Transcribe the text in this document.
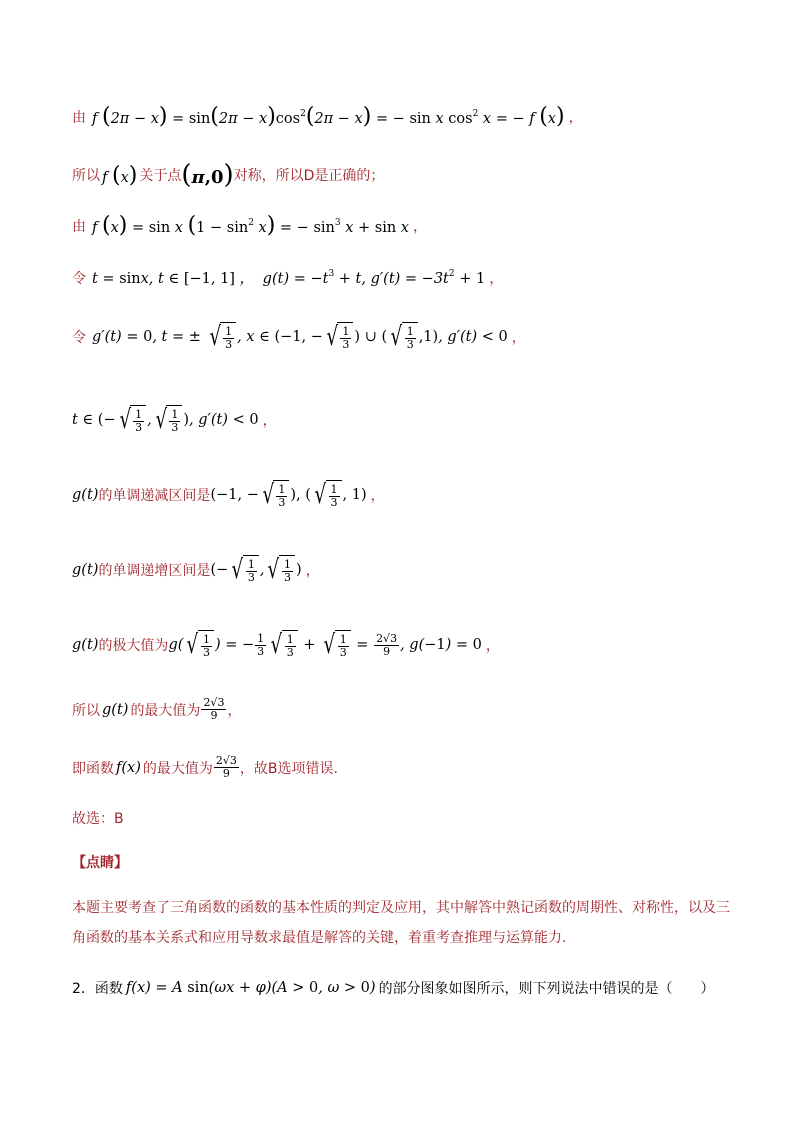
由 f $(2\pi - x) = \sin(2\pi - x)\cos^2(2\pi - x)$ = − sin x $\cos^2 x$ = − f (x) ，
所以 f (x) 关于点 (π,0) 对称，所以D是正确的；
由 f (x) = sin x $(1 - \sin^2 x)$ = − $\sin^3 x + \sin x$ ，
令 t = sinx, t ∈ [−1, 1] ， $g(t) = -t^3 + t$, $g'(t) = -3t^2 + 1$ ，
令 g′(t) = 0, t = ± √ $\frac{1}{3}$ , x ∈ (−1, − √ $\frac{1}{3}$ ) ∪ ( √ $\frac{1}{3} ,1$), g′(t) < 0 ，
t ∈ (− √ $\frac{1}{3}$ , √ $\frac{1}{3}$ ), g′(t) < 0 ，
g(t) 的单调递减区间是 (−1, − √ $\frac{1}{3}$ ), ( √ $\frac{1}{3}$ , 1) ，
g(t) 的单调递增区间是 (− √ $\frac{1}{3}$ , √ $\frac{1}{3}$ ) ，
g(t) 的极大值为 g( √ $\frac{1}{3}$ ) = − $\frac{1}{3}$ √ $\frac{1}{3}$ + √ $\frac{1}{3} = \frac{2√3}{9}$ , g(−1) = 0 ，
所以 g(t) 的最大值为 $\frac{2√3}{9}$ ，
即函数 f(x) 的最大值为 $\frac{2√3}{9}$ ，故B选项错误.
故选：B
【点睛】
本题主要考查了三角函数的函数的基本性质的判定及应用，其中解答中熟记函数的周期性、对称性，以及三角函数的基本关系式和应用导数求最值是解答的关键，着重考查推理与运算能力.
2．函数 f(x) = A sin(ωx + φ)(A > 0, ω > 0) 的部分图象如图所示，则下列说法中错误的是（　　）
